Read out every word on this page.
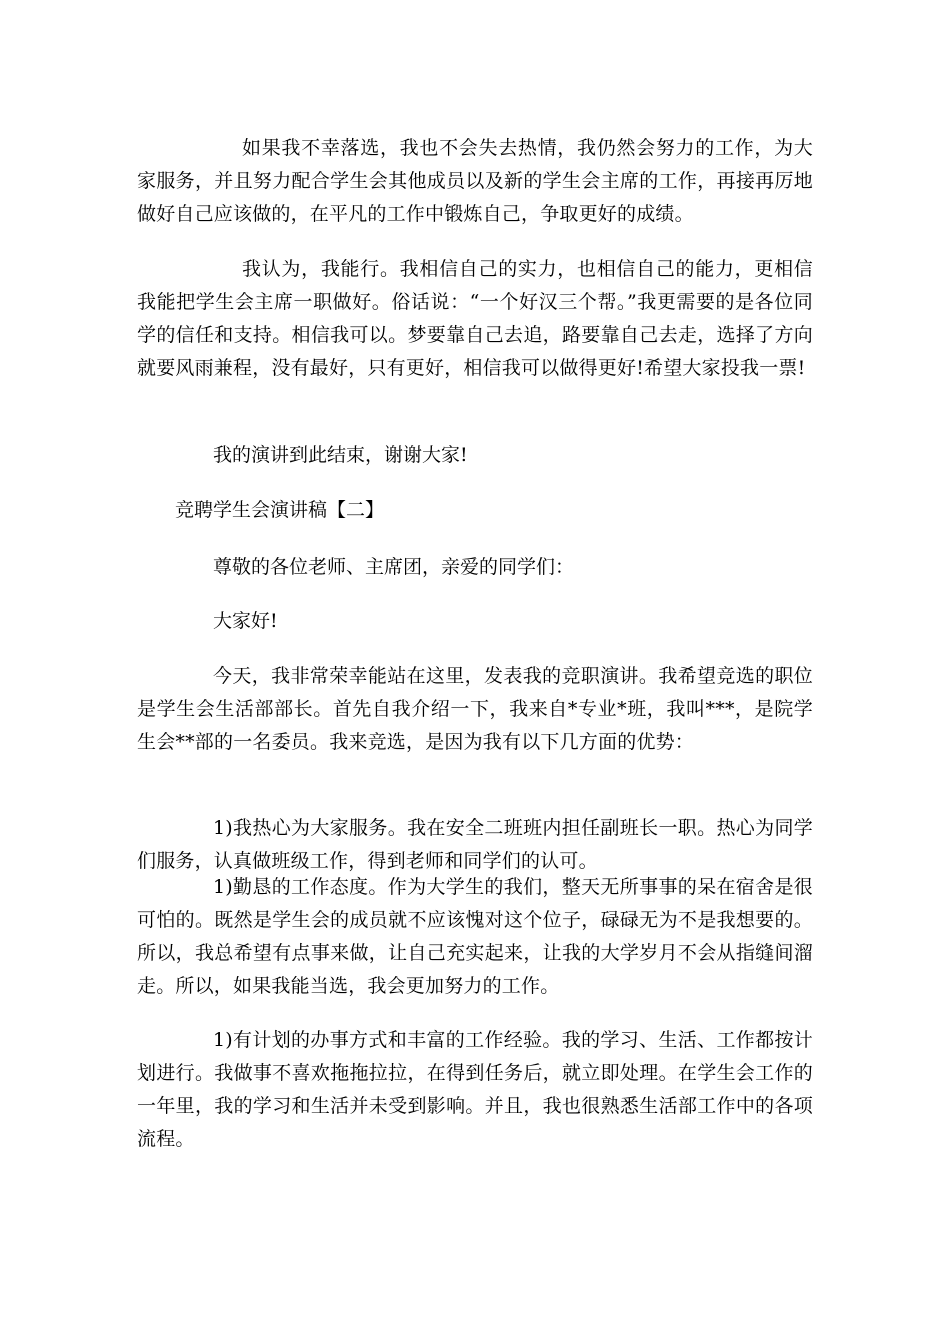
如果我不幸落选，我也不会失去热情，我仍然会努力的工作，为大家服务，并且努力配合学生会其他成员以及新的学生会主席的工作，再接再厉地做好自己应该做的，在平凡的工作中锻炼自己，争取更好的成绩。

我认为，我能行。我相信自己的实力，也相信自己的能力，更相信我能把学生会主席一职做好。俗话说：“一个好汉三个帮。”我更需要的是各位同学的信任和支持。相信我可以。梦要靠自己去追，路要靠自己去走，选择了方向就要风雨兼程，没有最好，只有更好，相信我可以做得更好!希望大家投我一票!

我的演讲到此结束，谢谢大家!

竞聘学生会演讲稿【二】

尊敬的各位老师、主席团，亲爱的同学们：

大家好!

今天，我非常荣幸能站在这里，发表我的竞职演讲。我希望竞选的职位是学生会生活部部长。首先自我介绍一下，我来自*专业*班，我叫***，是院学生会**部的一名委员。我来竞选，是因为我有以下几方面的优势：

1)我热心为大家服务。我在安全二班班内担任副班长一职。热心为同学们服务，认真做班级工作，得到老师和同学们的认可。

1)勤恳的工作态度。作为大学生的我们，整天无所事事的呆在宿舍是很可怕的。既然是学生会的成员就不应该愧对这个位子，碌碌无为不是我想要的。所以，我总希望有点事来做，让自己充实起来，让我的大学岁月不会从指缝间溜走。所以，如果我能当选，我会更加努力的工作。

1)有计划的办事方式和丰富的工作经验。我的学习、生活、工作都按计划进行。我做事不喜欢拖拖拉拉，在得到任务后，就立即处理。在学生会工作的一年里，我的学习和生活并未受到影响。并且，我也很熟悉生活部工作中的各项流程。
